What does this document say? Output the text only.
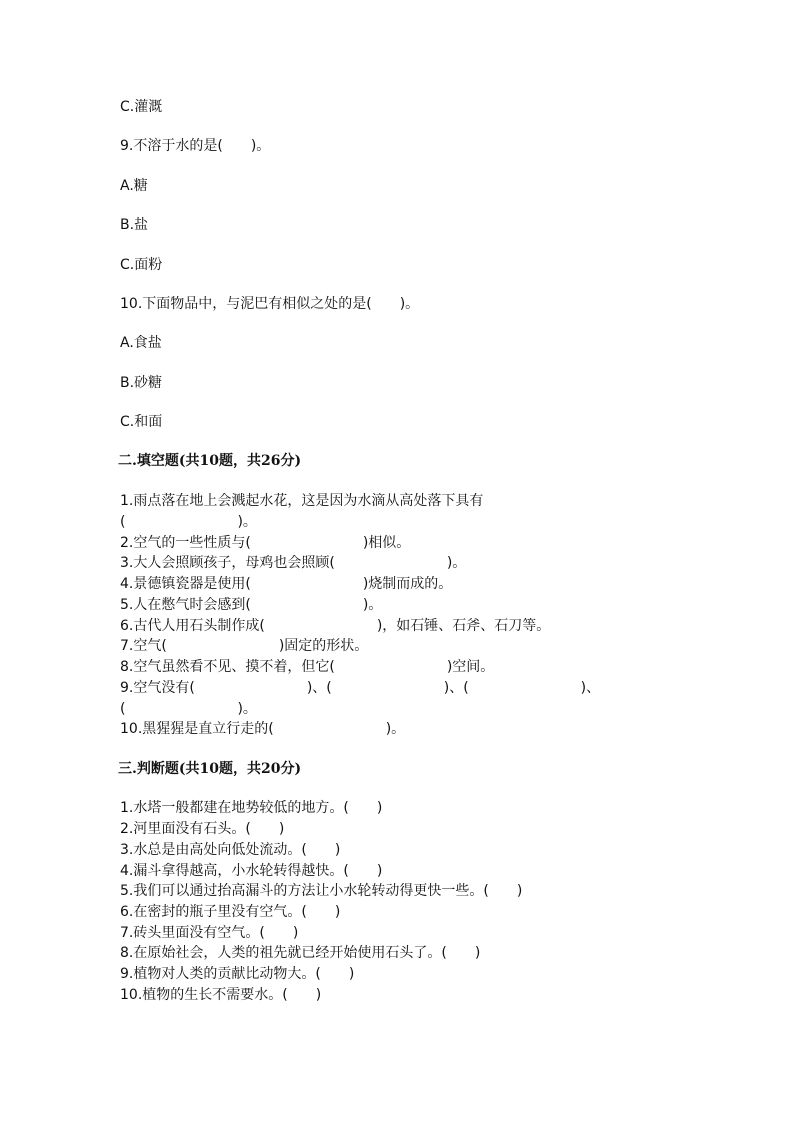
C.灌溉
9.不溶于水的是(　　)。
A.糖
B.盐
C.面粉
10.下面物品中，与泥巴有相似之处的是(　　)。
A.食盐
B.砂糖
C.和面
二.填空题(共10题，共26分)
1.雨点落在地上会溅起水花，这是因为水滴从高处落下具有
(　　　　　　　　)。
2.空气的一些性质与(　　　　　　　　)相似。
3.大人会照顾孩子，母鸡也会照顾(　　　　　　　　)。
4.景德镇瓷器是使用(　　　　　　　　)烧制而成的。
5.人在憋气时会感到(　　　　　　　　)。
6.古代人用石头制作成(　　　　　　　　)，如石锤、石斧、石刀等。
7.空气(　　　　　　　　)固定的形状。
8.空气虽然看不见、摸不着，但它(　　　　　　　　)空间。
9.空气没有(　　　　　　　　)、(　　　　　　　　)、(　　　　　　　　)、
(　　　　　　　　)。
10.黑猩猩是直立行走的(　　　　　　　　)。
三.判断题(共10题，共20分)
1.水塔一般都建在地势较低的地方。(　　)
2.河里面没有石头。(　　)
3.水总是由高处向低处流动。(　　)
4.漏斗拿得越高，小水轮转得越快。(　　)
5.我们可以通过抬高漏斗的方法让小水轮转动得更快一些。(　　)
6.在密封的瓶子里没有空气。(　　)
7.砖头里面没有空气。(　　)
8.在原始社会，人类的祖先就已经开始使用石头了。(　　)
9.植物对人类的贡献比动物大。(　　)
10.植物的生长不需要水。(　　)
